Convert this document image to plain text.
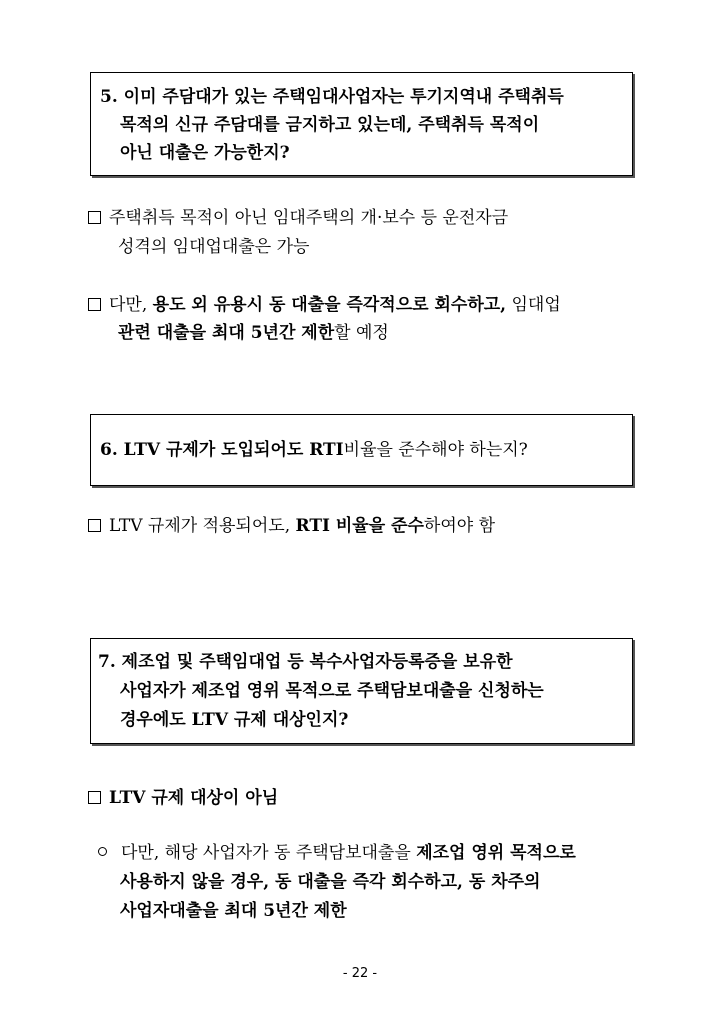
5. 이미 주담대가 있는 주택임대사업자는 투기지역내 주택취득
목적의 신규 주담대를 금지하고 있는데, 주택취득 목적이
아닌 대출은 가능한지?
주택취득 목적이 아닌 임대주택의 개·보수 등 운전자금
성격의 임대업대출은 가능
다만, 용도 외 유용시 동 대출을 즉각적으로 회수하고, 임대업
관련 대출을 최대 5년간 제한할 예정
6. LTV 규제가 도입되어도 RTI비율을 준수해야 하는지?
LTV 규제가 적용되어도, RTI 비율을 준수하여야 함
7. 제조업 및 주택임대업 등 복수사업자등록증을 보유한
사업자가 제조업 영위 목적으로 주택담보대출을 신청하는
경우에도 LTV 규제 대상인지?
LTV 규제 대상이 아님
다만, 해당 사업자가 동 주택담보대출을 제조업 영위 목적으로
사용하지 않을 경우, 동 대출을 즉각 회수하고, 동 차주의
사업자대출을 최대 5년간 제한
- 22 -
